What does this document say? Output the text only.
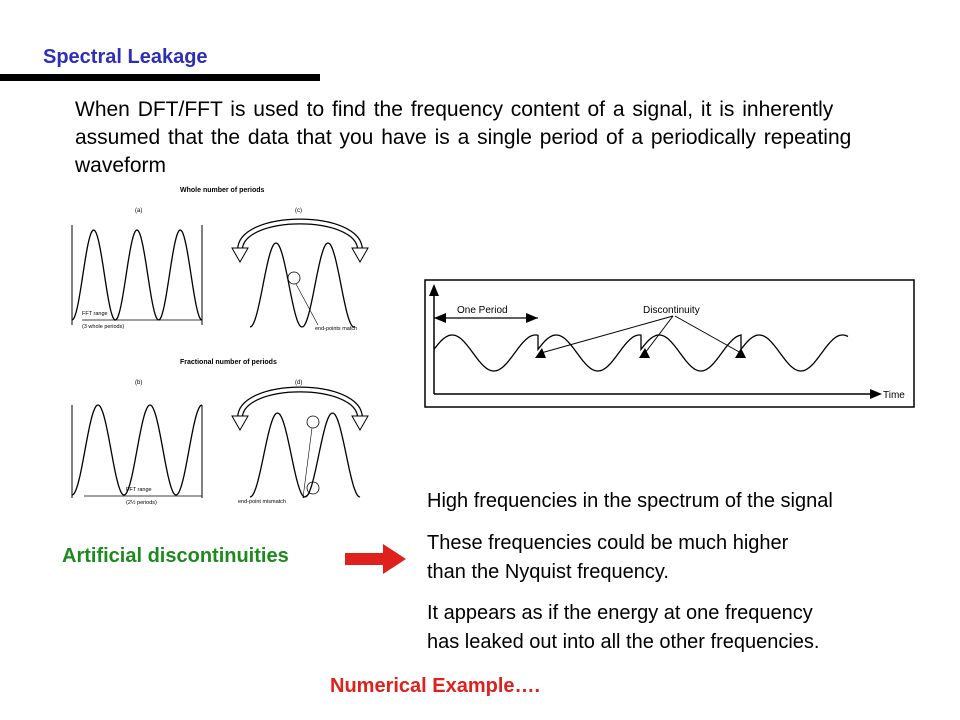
Spectral Leakage
When DFT/FFT is used to find the frequency content of a signal, it is inherently assumed that the data that you have is a single period of a periodically repeating waveform
Whole number of periods
(a)	(c)
Fractional number of periods
(b)	(d)
FFT range
(3 whole periods)	end-points match
FFT range
(2½ periods)	end-point mismatch
Time
One Period	Discontinuity
Artificial discontinuities
High frequencies in the spectrum of the signal
These frequencies could be much higher
than the Nyquist frequency.
It appears as if the energy at one frequency
has leaked out into all the other frequencies.
Numerical Example….
